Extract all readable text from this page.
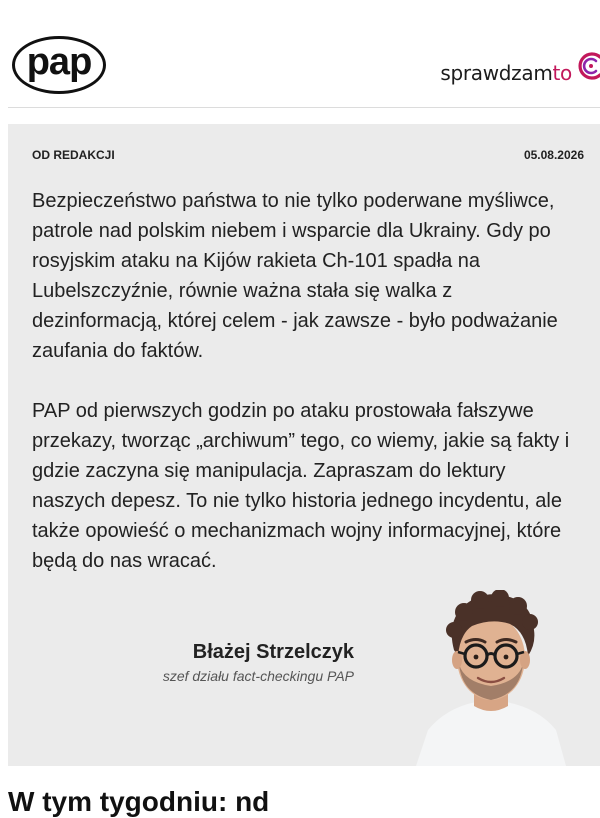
pap	sprawdzamto
OD REDAKCJI	05.08.2026

Bezpieczeństwo państwa to nie tylko poderwane myśliwce, patrole nad polskim niebem i wsparcie dla Ukrainy. Gdy po rosyjskim ataku na Kijów rakieta Ch-101 spadła na Lubelszczyźnie, równie ważna stała się walka z dezinformacją, której celem - jak zawsze - było podważanie zaufania do faktów.

PAP od pierwszych godzin po ataku prostowała fałszywe przekazy, tworząc „archiwum” tego, co wiemy, jakie są fakty i gdzie zaczyna się manipulacja. Zapraszam do lektury naszych depesz. To nie tylko historia jednego incydentu, ale także opowieść o mechanizmach wojny informacyjnej, które będą do nas wracać.

Błażej Strzelczyk
szef działu fact-checkingu PAP
W tym tygodniu: nd
